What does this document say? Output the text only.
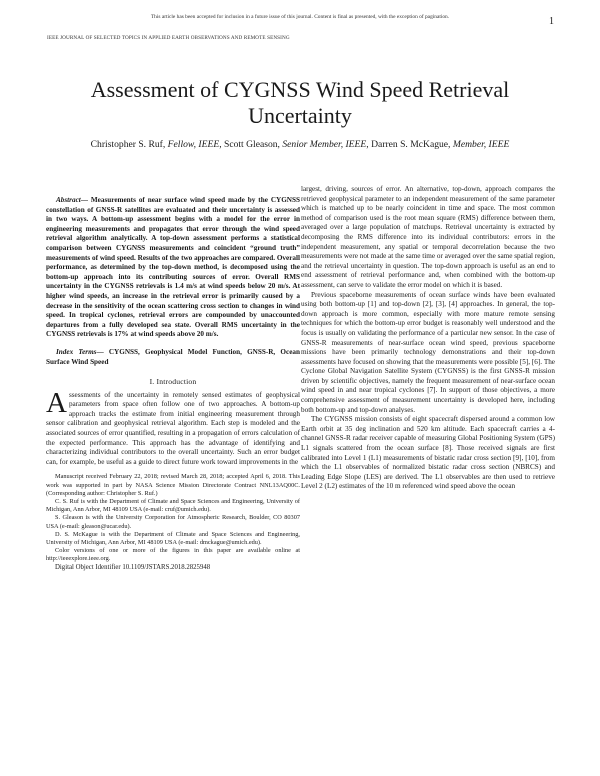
This article has been accepted for inclusion in a future issue of this journal. Content is final as presented, with the exception of pagination.	1
IEEE JOURNAL OF SELECTED TOPICS IN APPLIED EARTH OBSERVATIONS AND REMOTE SENSING
Assessment of CYGNSS Wind Speed Retrieval Uncertainty
Christopher S. Ruf, Fellow, IEEE, Scott Gleason, Senior Member, IEEE, Darren S. McKague, Member, IEEE

Abstract— Measurements of near surface wind speed made by the CYGNSS constellation of GNSS-R satellites are evaluated and their uncertainty is assessed in two ways. A bottom-up assessment begins with a model for the error in engineering measurements and propagates that error through the wind speed retrieval algorithm analytically. A top-down assessment performs a statistical comparison between CYGNSS measurements and coincident “ground truth” measurements of wind speed. Results of the two approaches are compared. Overall performance, as determined by the top-down method, is decomposed using the bottom-up approach into its contributing sources of error. Overall RMS uncertainty in the CYGNSS retrievals is 1.4 m/s at wind speeds below 20 m/s. At higher wind speeds, an increase in the retrieval error is primarily caused by a decrease in the sensitivity of the ocean scattering cross section to changes in wind speed. In tropical cyclones, retrieval errors are compounded by unaccounted departures from a fully developed sea state. Overall RMS uncertainty in the CYGNSS retrievals is 17% at wind speeds above 20 m/s.

Index Terms— CYGNSS, Geophysical Model Function, GNSS-R, Ocean Surface Wind Speed

I. Introduction

Assessments of the uncertainty in remotely sensed estimates of geophysical parameters from space often follow one of two approaches. A bottom-up approach tracks the estimate from initial engineering measurement through sensor calibration and geophysical retrieval algorithm. Each step is modeled and the associated sources of error quantified, resulting in a propagation of errors calculation of the expected performance. This approach has the advantage of identifying and characterizing individual contributors to the overall uncertainty. Such an error budget can, for example, be useful as a guide to direct future work toward improvements in the

Manuscript received February 22, 2018; revised March 28, 2018; accepted April 6, 2018. This work was supported in part by NASA Science Mission Directorate Contract NNL13AQ00C. (Corresponding author: Christopher S. Ruf.)

C. S. Ruf is with the Department of Climate and Space Sciences and Engineering, University of Michigan, Ann Arbor, MI 48109 USA (e-mail: cruf@umich.edu).

S. Gleason is with the University Corporation for Atmospheric Research, Boulder, CO 80307 USA (e-mail: gleason@ucar.edu).

D. S. McKague is with the Department of Climate and Space Sciences and Engineering, University of Michigan, Ann Arbor, MI 48109 USA (e-mail: dmckague@umich.edu).

Color versions of one or more of the figures in this paper are available online at http://ieeexplore.ieee.org.

Digital Object Identifier 10.1109/JSTARS.2018.2825948

largest, driving, sources of error. An alternative, top-down, approach compares the retrieved geophysical parameter to an independent measurement of the same parameter which is matched up to be nearly coincident in time and space. The most common method of comparison used is the root mean square (RMS) difference between them, averaged over a large population of matchups. Retrieval uncertainty is extracted by decomposing the RMS difference into its individual contributors: errors in the independent measurement, any spatial or temporal decorrelation because the two measurements were not made at the same time or averaged over the same spatial region, and the retrieval uncertainty in question. The top-down approach is useful as an end to end assessment of retrieval performance and, when combined with the bottom-up assessment, can serve to validate the error model on which it is based.

Previous spaceborne measurements of ocean surface winds have been evaluated using both bottom-up [1] and top-down [2], [3], [4] approaches. In general, the top-down approach is more common, especially with more mature remote sensing techniques for which the bottom-up error budget is reasonably well understood and the focus is usually on validating the performance of a particular new sensor. In the case of GNSS-R measurements of near-surface ocean wind speed, previous spaceborne missions have been primarily technology demonstrations and their top-down assessments have focused on showing that the measurements were possible [5], [6]. The Cyclone Global Navigation Satellite System (CYGNSS) is the first GNSS-R mission driven by scientific objectives, namely the frequent measurement of near-surface ocean wind speed in and near tropical cyclones [7]. In support of those objectives, a more comprehensive assessment of measurement uncertainty is developed here, including both bottom-up and top-down analyses.

The CYGNSS mission consists of eight spacecraft dispersed around a common low Earth orbit at 35 deg inclination and 520 km altitude. Each spacecraft carries a 4-channel GNSS-R radar receiver capable of measuring Global Positioning System (GPS) L1 signals scattered from the ocean surface [8]. Those received signals are first calibrated into Level 1 (L1) measurements of bistatic radar cross section [9], [10], from which the L1 observables of normalized bistatic radar cross section (NBRCS) and Leading Edge Slope (LES) are derived. The L1 observables are then used to retrieve Level 2 (L2) estimates of the 10 m referenced wind speed above the ocean
